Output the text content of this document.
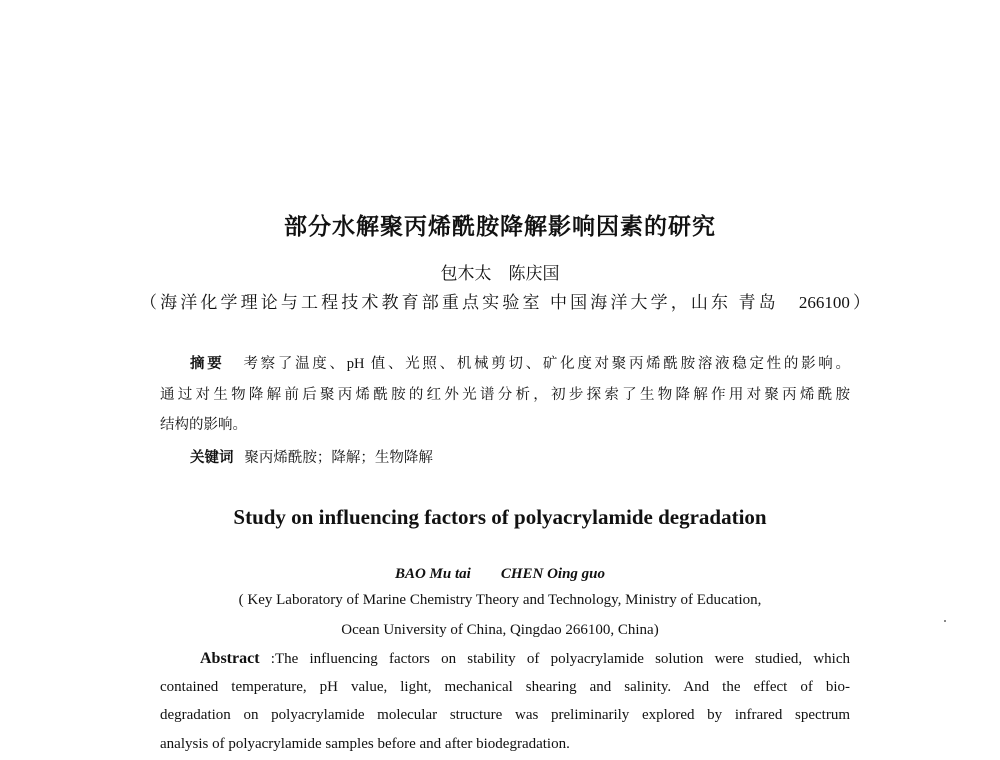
部分水解聚丙烯酰胺降解影响因素的研究
包木太　陈庆国
（海洋化学理论与工程技术教育部重点实验室 中国海洋大学，山东 青岛　266100）
摘要 考察了温度、pH 值、光照、机械剪切、矿化度对聚丙烯酰胺溶液稳定性的影响。
通过对生物降解前后聚丙烯酰胺的红外光谱分析，初步探索了生物降解作用对聚丙烯酰胺
结构的影响。
关键词 聚丙烯酰胺；降解；生物降解
Study on influencing factors of polyacrylamide degradation
BAO Mu tai　　CHEN Oing guo
( Key Laboratory of Marine Chemistry Theory and Technology, Ministry of Education,
Ocean University of China, Qingdao 266100, China)
Abstract :The influencing factors on stability of polyacrylamide solution were studied, which
contained temperature, pH value, light, mechanical shearing and salinity. And the effect of bio-
degradation on polyacrylamide molecular structure was preliminarily explored by infrared spectrum
analysis of polyacrylamide samples before and after biodegradation.
